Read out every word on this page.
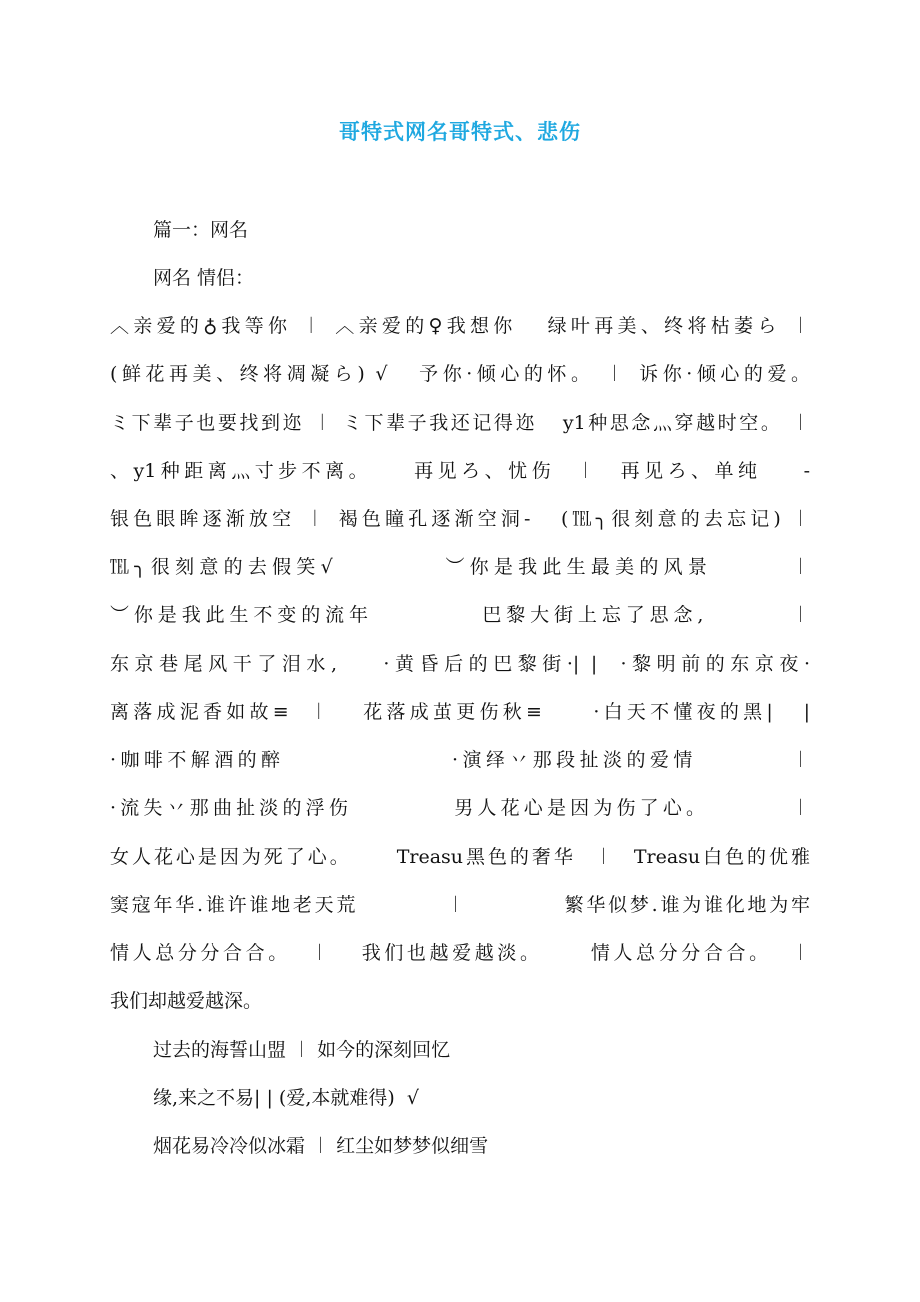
哥特式网名哥特式、悲伤
篇一：网名
网名 情侣：
︿亲爱的♁我等你 ︱ ︿亲爱的♀我想你   绿叶再美、终将枯萎ら ︱
(鲜花再美、终将凋凝ら) √   予你·倾心的怀。 ︱ 诉你·倾心的爱。
ミ下辈子也要找到迩 ︱ ミ下辈子我还记得迩   y1种思念灬穿越时空。 ︱
、y1种距离灬寸步不离。    再见ろ、忧伤  ︱  再见ろ、单纯    -
银色眼眸逐渐放空 ︱ 褐色瞳孔逐渐空洞-   (℡╮很刻意的去忘记) ︱
℡╮很刻意的去假笑√          ︶你是我此生最美的风景       ︱
︶你是我此生不变的流年          巴黎大街上忘了思念,        ︱
东京巷尾风干了泪水,    ·黄昏后的巴黎街·| |  ·黎明前的东京夜·
离落成泥香如故≡  ︱   花落成茧更伤秋≡     ·白天不懂夜的黑|   |
·咖啡不解酒的醉                ·演绎丷那段扯淡的爱情         ︱
·流失丷那曲扯淡的浮伤          男人花心是因为伤了心。        ︱
女人花心是因为死了心。     Treasu黑色的奢华  ︱  Treasu白色的优雅
窦寇年华.谁许谁地老天荒          ︱           繁华似梦.谁为谁化地为牢
情人总分分合合。  ︱   我们也越爱越淡。     情人总分分合合。  ︱
我们却越爱越深。
过去的海誓山盟 ︱ 如今的深刻回忆
缘,来之不易| | (爱,本就难得)  √
烟花易冷冷似冰霜 ︱ 红尘如梦梦似细雪
